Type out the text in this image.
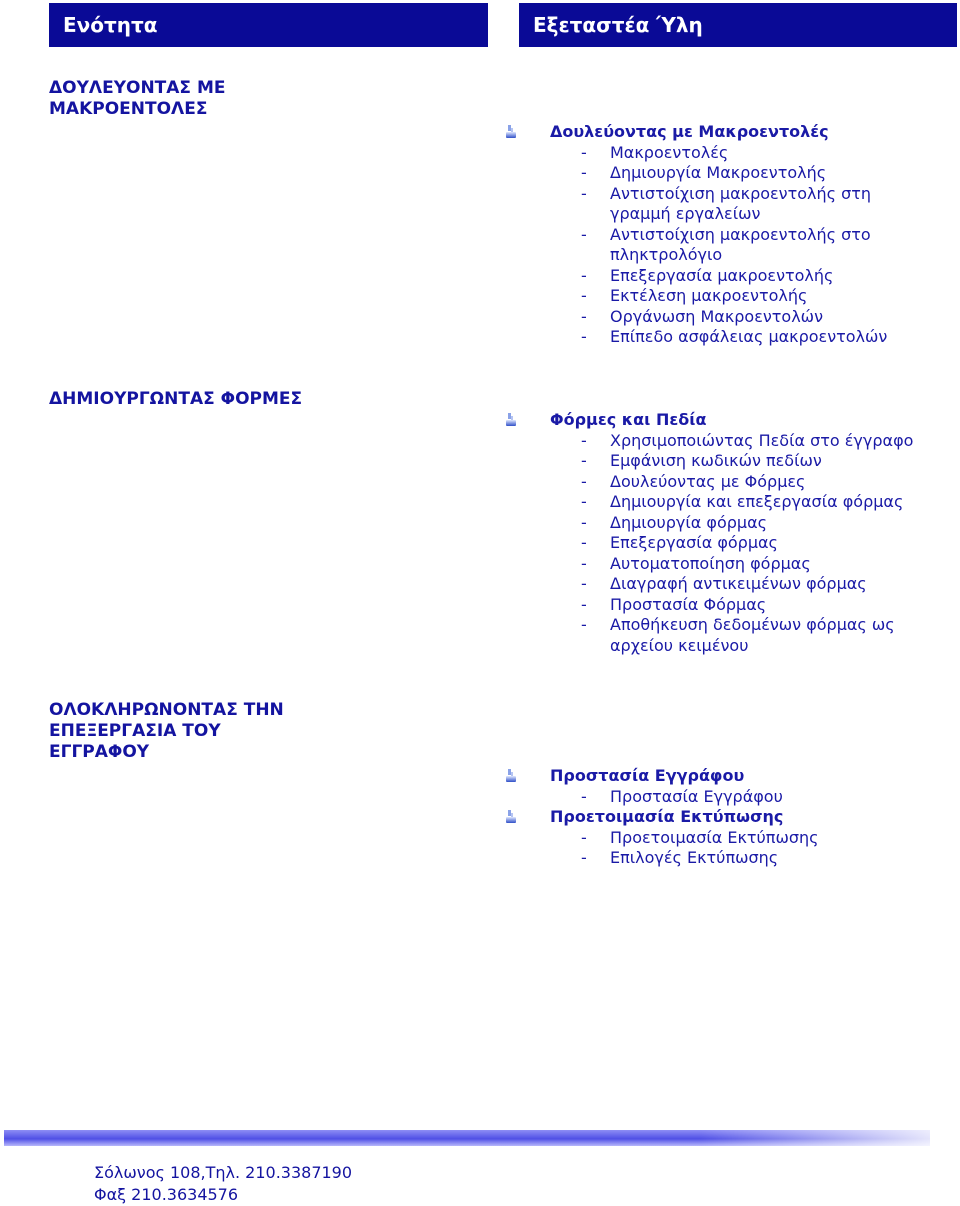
Ενότητα	Εξεταστέα Ύλη
ΔΟΥΛΕΥΟΝΤΑΣ ΜΕ
ΜΑΚΡΟΕΝΤΟΛΕΣ
Δουλεύοντας με Μακροεντολές
- Μακροεντολές
- Δημιουργία Μακροεντολής
- Αντιστοίχιση μακροεντολής στη
γραμμή εργαλείων
- Αντιστοίχιση μακροεντολής στο
πληκτρολόγιο
- Επεξεργασία μακροεντολής
- Εκτέλεση μακροεντολής
- Οργάνωση Μακροεντολών
- Επίπεδο ασφάλειας μακροεντολών
ΔΗΜΙΟΥΡΓΩΝΤΑΣ ΦΟΡΜΕΣ
Φόρμες και Πεδία
- Χρησιμοποιώντας Πεδία στο έγγραφο
- Εμφάνιση κωδικών πεδίων
- Δουλεύοντας με Φόρμες
- Δημιουργία και επεξεργασία φόρμας
- Δημιουργία φόρμας
- Επεξεργασία φόρμας
- Αυτοματοποίηση φόρμας
- Διαγραφή αντικειμένων φόρμας
- Προστασία Φόρμας
- Αποθήκευση δεδομένων φόρμας ως
αρχείου κειμένου
ΟΛΟΚΛΗΡΩΝΟΝΤΑΣ ΤΗΝ
ΕΠΕΞΕΡΓΑΣΙΑ ΤΟΥ
ΕΓΓΡΑΦΟΥ
Προστασία Εγγράφου
- Προστασία Εγγράφου
Προετοιμασία Εκτύπωσης
- Προετοιμασία Εκτύπωσης
- Επιλογές Εκτύπωσης
Σόλωνος 108,Τηλ. 210.3387190
Φαξ 210.3634576
